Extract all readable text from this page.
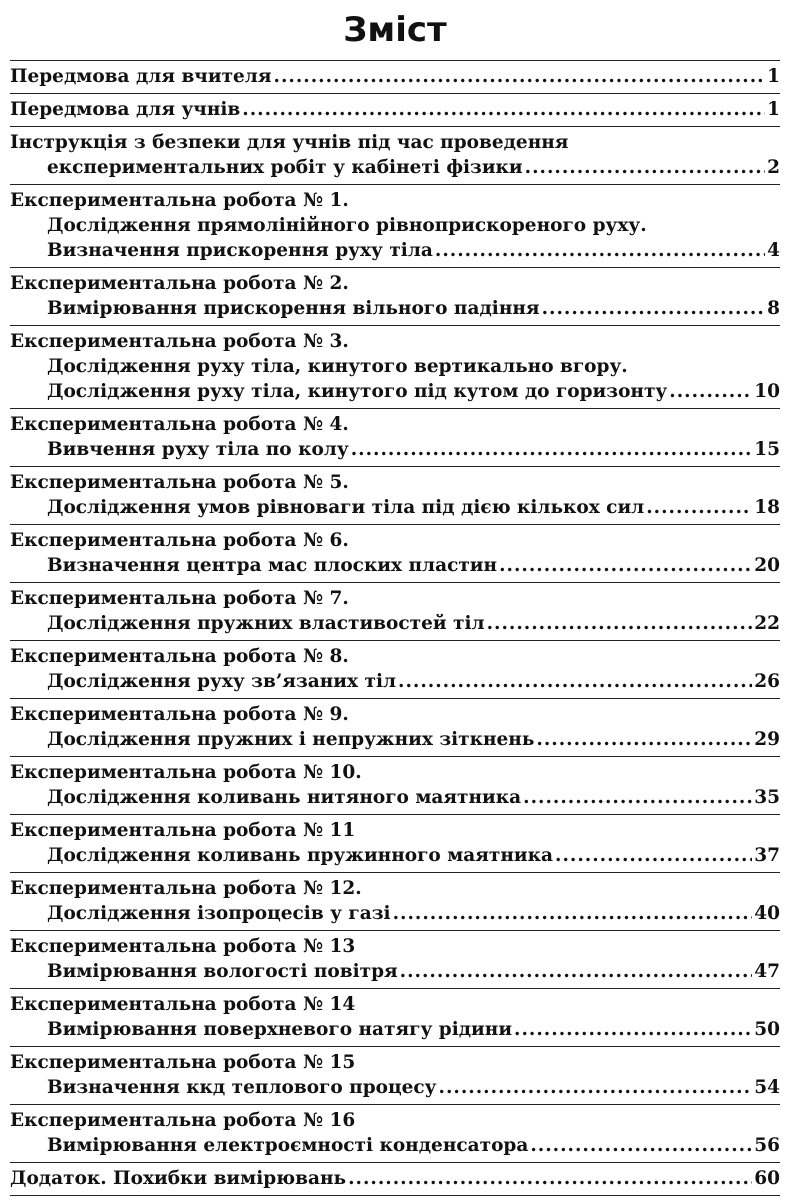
Зміст
Передмова для вчителя .....	1
Передмова для учнів .....	1
Інструкція з безпеки для учнів під час проведення
експериментальних робіт у кабінеті фізики .....	2
Експериментальна робота № 1.
Дослідження прямолінійного рівноприскореного руху.
Визначення прискорення руху тіла .....	4
Експериментальна робота № 2.
Вимірювання прискорення вільного падіння .....	8
Експериментальна робота № 3.
Дослідження руху тіла, кинутого вертикально вгору.
Дослідження руху тіла, кинутого під кутом до горизонту .....	10
Експериментальна робота № 4.
Вивчення руху тіла по колу .....	15
Експериментальна робота № 5.
Дослідження умов рівноваги тіла під дією кількох сил .....	18
Експериментальна робота № 6.
Визначення центра мас плоских пластин .....	20
Експериментальна робота № 7.
Дослідження пружних властивостей тіл .....	22
Експериментальна робота № 8.
Дослідження руху зв’язаних тіл .....	26
Експериментальна робота № 9.
Дослідження пружних і непружних зіткнень .....	29
Експериментальна робота № 10.
Дослідження коливань нитяного маятника .....	35
Експериментальна робота № 11
Дослідження коливань пружинного маятника .....	37
Експериментальна робота № 12.
Дослідження ізопроцесів у газі .....	40
Експериментальна робота № 13
Вимірювання вологості повітря .....	47
Експериментальна робота № 14
Вимірювання поверхневого натягу рідини .....	50
Експериментальна робота № 15
Визначення ккд теплового процесу .....	54
Експериментальна робота № 16
Вимірювання електроємності конденсатора .....	56
Додаток. Похибки вимірювань .....	60
